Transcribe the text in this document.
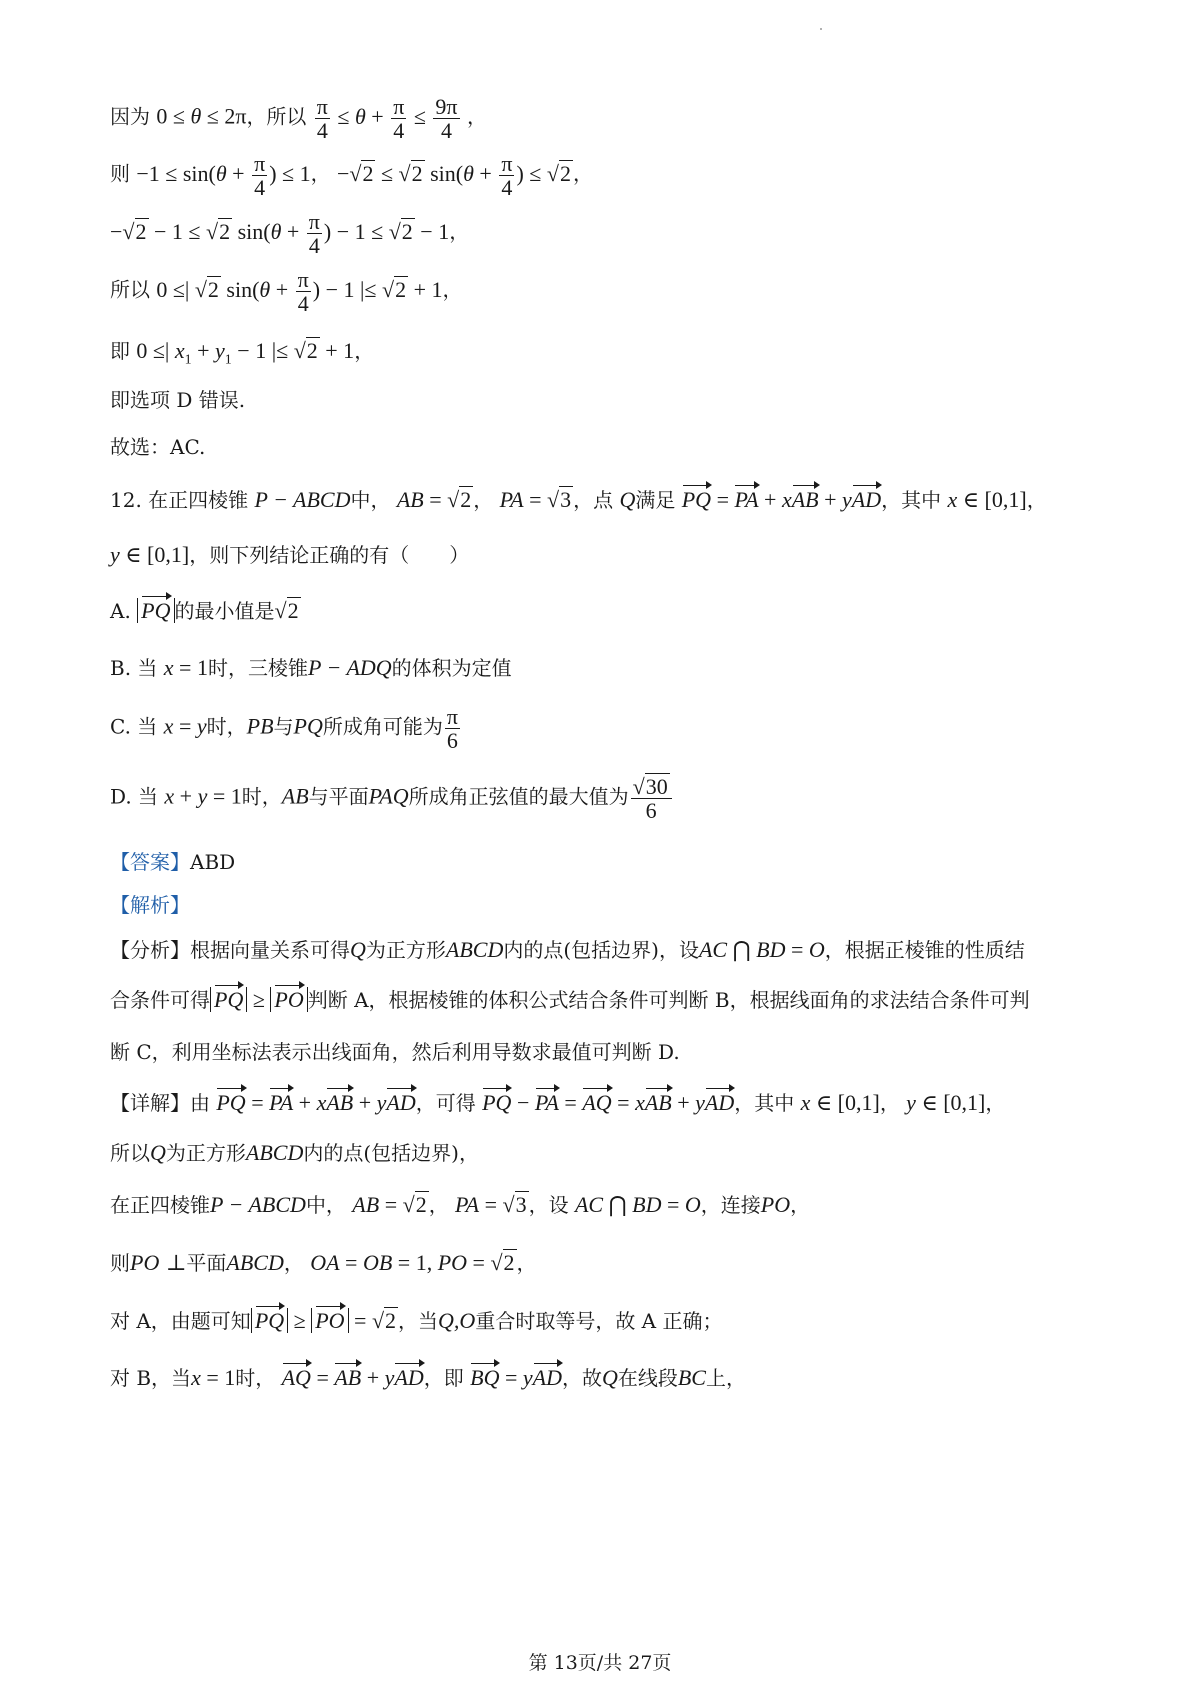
因为 0 ≤ θ ≤ 2π，所以 $\frac{\pi}{4} \le \theta + \frac{\pi}{4} \le \frac{9\pi}{4}$ ，
则 $-1 \le \sin(\theta + \frac{\pi}{4}$ ) ≤ 1， −√2 ≤ √2 $\sin(\theta + \frac{\pi}{4}$ ) ≤ √2 ，
−√2 − 1 ≤ √2 $\sin(\theta + \frac{\pi}{4}$ ) − 1 ≤ √2 − 1，
所以 0 ≤| √2 $\sin(\theta + \frac{\pi}{4}$ ) − 1 |≤ √2 + 1，
即 0 ≤| $x_1 + y_1 - 1$ |≤ √2 + 1，
即选项 D 错误.
故选：AC.
12. 在正四棱锥 P − ABCD中， AB = √2 ， PA = √3 ，点 Q满足 PQ = PA + xAB + yAD，其中 x ∈ [0,1]，
y ∈ [0,1]，则下列结论正确的有（　　）
A. PQ 的最小值是√2
B. 当 x = 1时，三棱锥P − ADQ的体积为定值
C. 当 x = y时，PB与PQ所成角可能为 $\frac{\pi}{6}$
D. 当 x + y = 1时，AB与平面PAQ所成角正弦值的最大值为 $\frac{√30}{6}$
【答案】ABD
【解析】
【分析】根据向量关系可得Q为正方形ABCD内的点(包括边界)，设AC ⋂ BD = O，根据正棱锥的性质结
合条件可得 PQ ≥ PO 判断 A，根据棱锥的体积公式结合条件可判断 B，根据线面角的求法结合条件可判
断 C，利用坐标法表示出线面角，然后利用导数求最值可判断 D.
【详解】由 PQ = PA + xAB + yAD，可得 PQ − PA = AQ = xAB + yAD，其中 x ∈ [0,1]， y ∈ [0,1]，
所以Q为正方形ABCD内的点(包括边界)，
在正四棱锥P − ABCD中， AB = √2 ， PA = √3 ，设 AC ⋂ BD = O，连接PO，
则PO ⊥平面ABCD， OA = OB = 1, PO = √2 ，
对 A，由题可知 PQ ≥ PO = √2 ，当Q,O重合时取等号，故 A 正确；
对 B，当x = 1时， AQ = AB + yAD，即 BQ = yAD，故Q在线段BC上，
第 13页/共 27页
